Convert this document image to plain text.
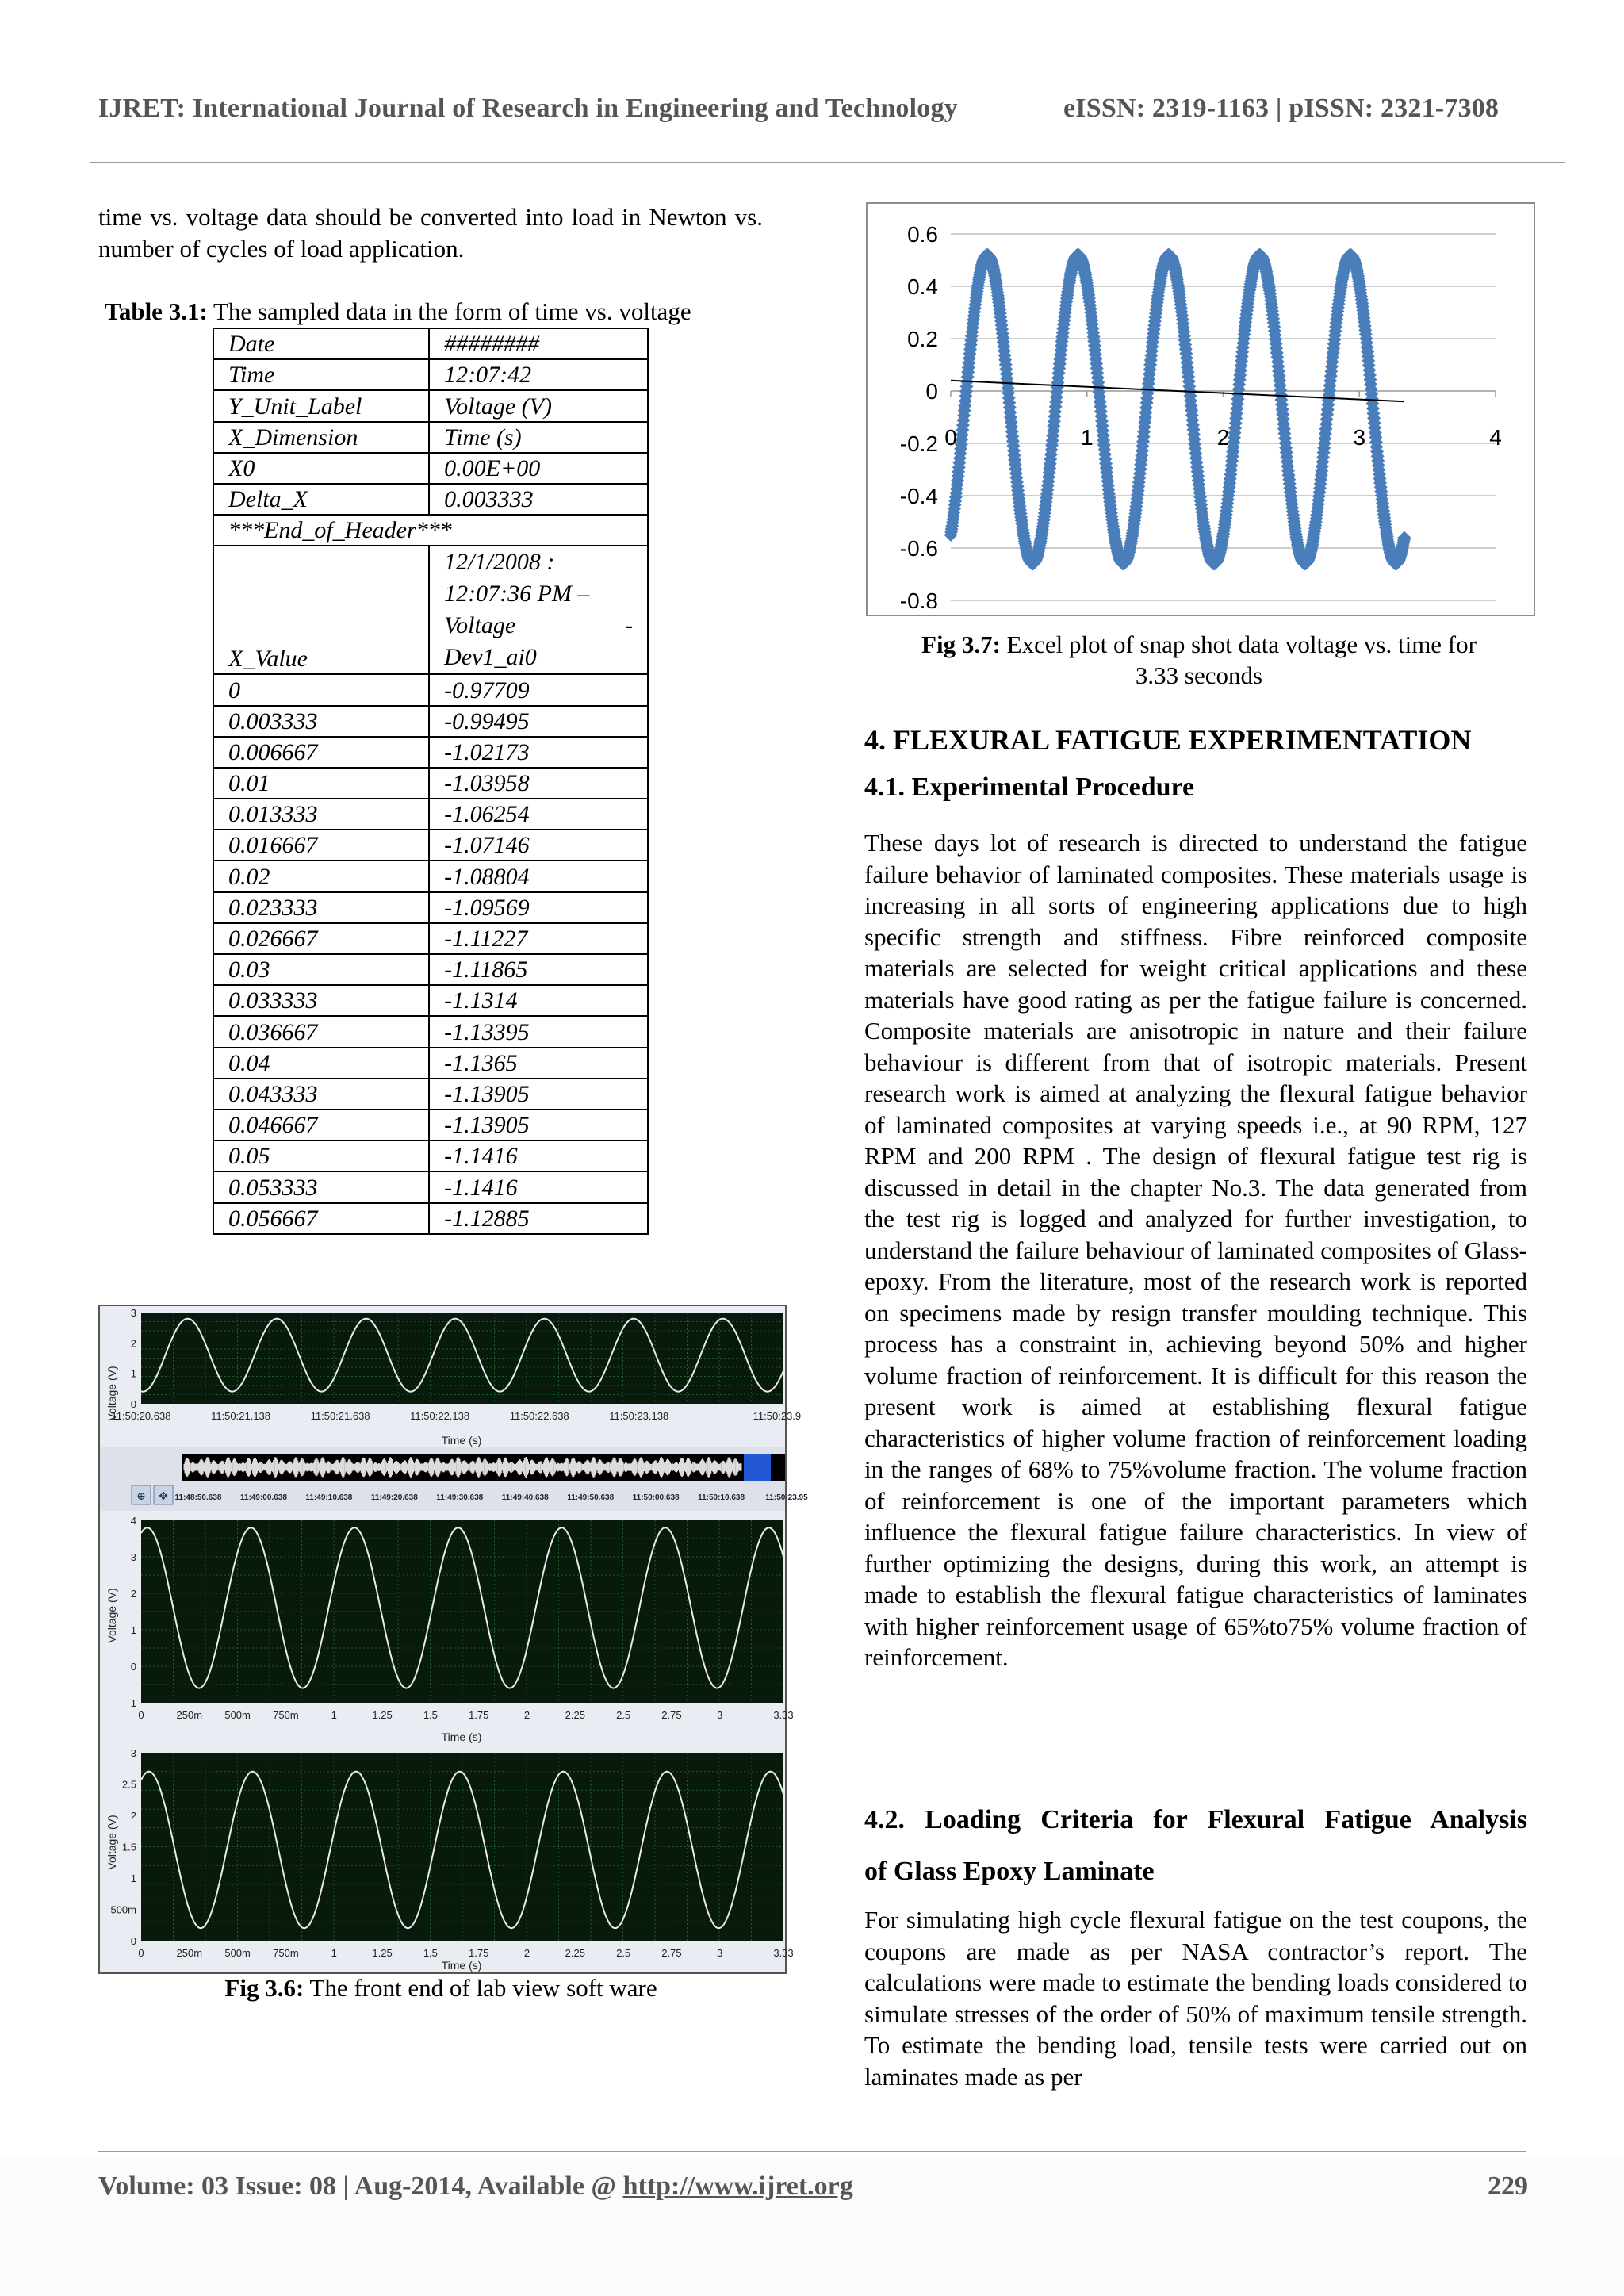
IJRET: International Journal of Research in Engineering and Technology	eISSN: 2319-1163 | pISSN: 2321-7308
time vs. voltage data should be converted into load in Newton vs. number of cycles of load application.
Table 3.1: The sampled data in the form of time vs. voltage
Date	########
Time	12:07:42
Y_Unit_Label	Voltage (V)
X_Dimension	Time (s)
X0	0.00E+00
Delta_X	0.003333
***End_of_Header***	
X_Value	12/1/2008 :
12:07:36 PM –
Voltage -
Dev1_ai0

0	-0.97709
0.003333	-0.99495
0.006667	-1.02173
0.01	-1.03958
0.013333	-1.06254
0.016667	-1.07146
0.02	-1.08804
0.023333	-1.09569
0.026667	-1.11227
0.03	-1.11865
0.033333	-1.1314
0.036667	-1.13395
0.04	-1.1365
0.043333	-1.13905
0.046667	-1.13905
0.05	-1.1416
0.053333	-1.1416
0.056667	-1.12885
Voltage (V)
3
2
1
0
11:50:20.638	11:50:21.138	11:50:21.638	11:50:22.138	11:50:22.638	11:50:23.138	11:50:23.9
Time (s)
⊕ ✥ 11:48:50.638 11:49:00.638 11:49:10.638 11:49:20.638 11:49:30.638 11:49:40.638 11:49:50.638 11:50:00.638 11:50:10.638	11:50:23.95
Voltage (V)
4
3
2
1
0
-1
0	250m 500m 750m	1	1.25	1.5	1.75	2	2.25	2.5	2.75	3	3.33
Time (s)
Voltage (V)
3
2.5
2
1.5
1
500m
0
0	250m 500m 750m	1	1.25	1.5	1.75	2	2.25	2.5	2.75	3	3.33
Time (s)
Fig 3.6: The front end of lab view soft ware
0.6
0.4
0.2
0
-0.2
-0.4
-0.6
-0.8
0	1	2	3	4
Fig 3.7: Excel plot of snap shot data voltage vs. time for
3.33 seconds
4. FLEXURAL FATIGUE EXPERIMENTATION
4.1. Experimental Procedure
These days lot of research is directed to understand the fatigue failure behavior of laminated composites. These materials usage is increasing in all sorts of engineering applications due to high specific strength and stiffness. Fibre reinforced composite materials are selected for weight critical applications and these materials have good rating as per the fatigue failure is concerned. Composite materials are anisotropic in nature and their failure behaviour is different from that of isotropic materials. Present research work is aimed at analyzing the flexural fatigue behavior of laminated composites at varying speeds i.e., at 90 RPM, 127 RPM and 200 RPM . The design of flexural fatigue test rig is discussed in detail in the chapter No.3. The data generated from the test rig is logged and analyzed for further investigation, to understand the failure behaviour of laminated composites of Glass- epoxy. From the literature, most of the research work is reported on specimens made by resign transfer moulding technique. This process has a constraint in, achieving beyond 50% and higher volume fraction of reinforcement. It is difficult for this reason the present work is aimed at establishing flexural fatigue characteristics of higher volume fraction of reinforcement loading in the ranges of 68% to 75%volume fraction. The volume fraction of reinforcement is one of the important parameters which influence the flexural fatigue failure characteristics. In view of further optimizing the designs, during this work, an attempt is made to establish the flexural fatigue characteristics of laminates with higher reinforcement usage of 65%to75% volume fraction of reinforcement.
4.2. Loading Criteria for Flexural Fatigue Analysis
of Glass Epoxy Laminate
For simulating high cycle flexural fatigue on the test coupons, the coupons are made as per NASA contractor’s report. The calculations were made to estimate the bending loads considered to simulate stresses of the order of 50% of maximum tensile strength. To estimate the bending load, tensile tests were carried out on laminates made as per
Volume: 03 Issue: 08 | Aug-2014, Available @ http://www.ijret.org	229
